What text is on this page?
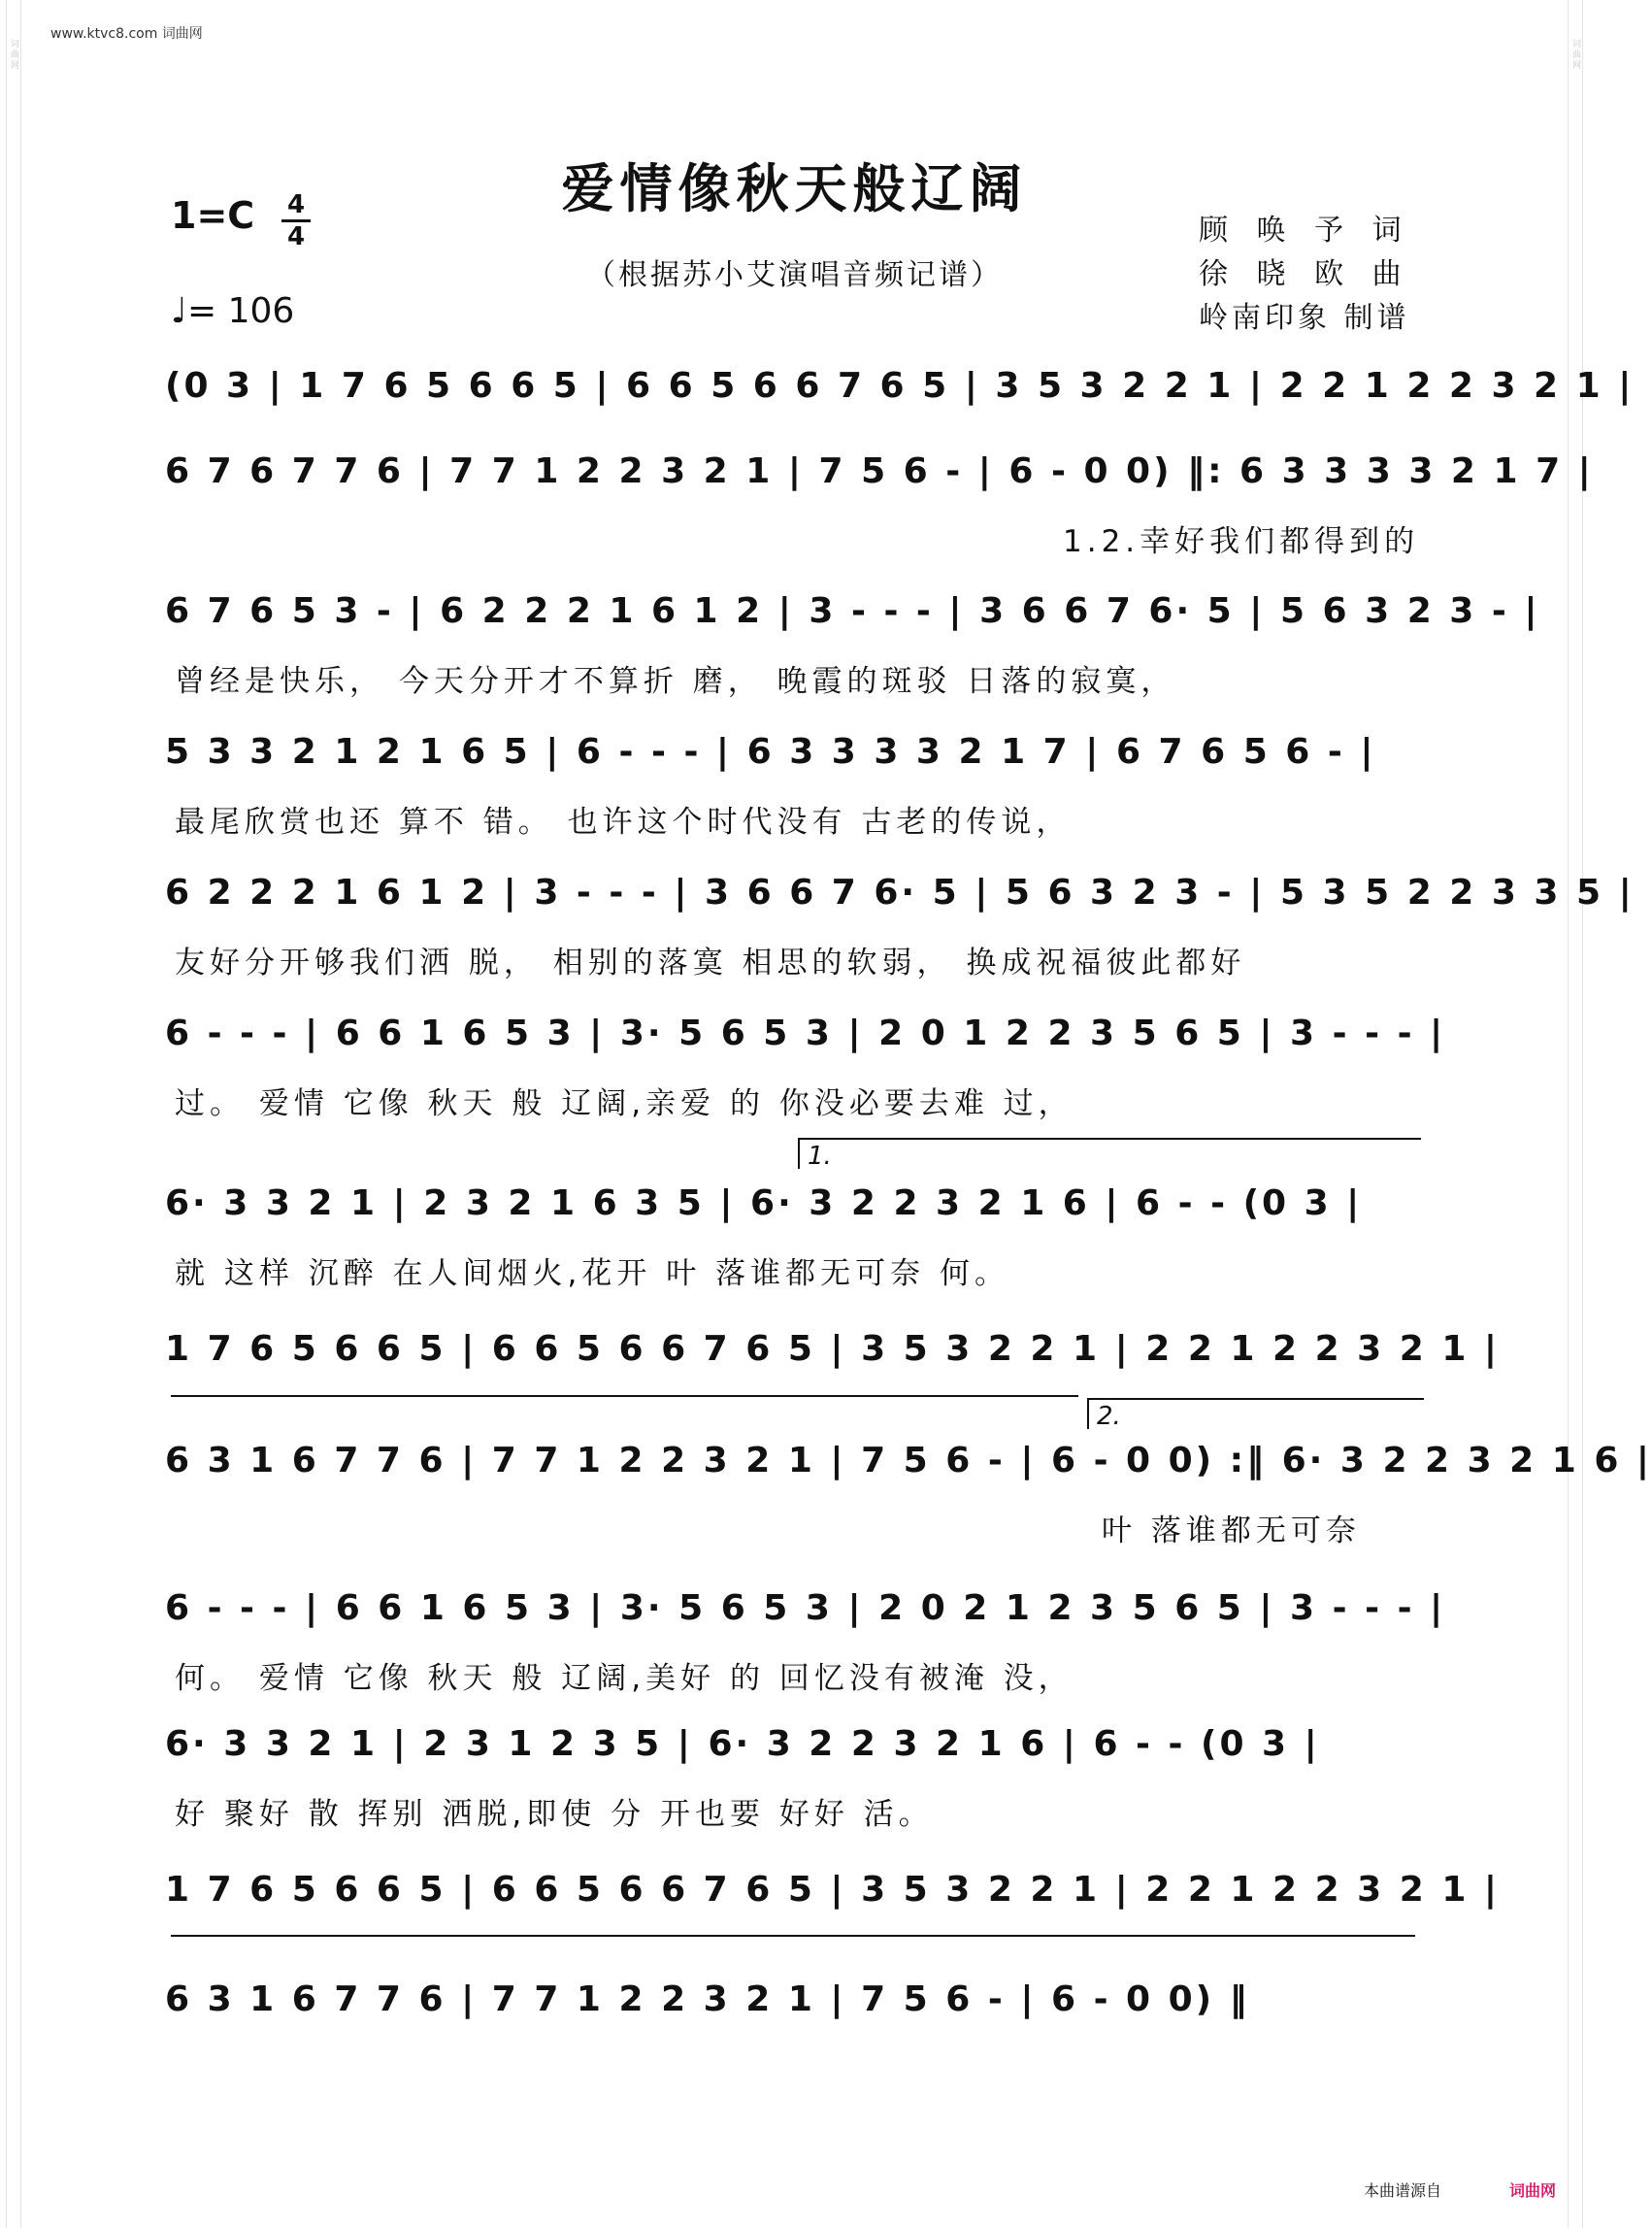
词曲网	词曲网
www.ktvc8.com 词曲网
爱情像秋天般辽阔
（根据苏小艾演唱音频记谱）
1=C 4
4
♩= 106
顾 唤 予 词
徐 晓 欧 曲
岭南印象 制谱
(0 3 | 1 7 6 5 6 6 5 | 6 6 5 6 6 7 6 5 | 3 5 3 2 2 1 | 2 2 1 2 2 3 2 1 |
6 7 6 7 7 6 | 7 7 1 2 2 3 2 1 | 7 5 6 - | 6 - 0 0) ‖: 6 3 3 3 3 2 1 7 |
1.2.幸好我们都得到的
6 7 6 5 3 - | 6 2 2 2 1 6 1 2 | 3 - - - | 3 6 6 7 6· 5 | 5 6 3 2 3 - |
曾经是快乐， 今天分开才不算折 磨， 晚霞的斑驳 日落的寂寞，
5 3 3 2 1 2 1 6 5 | 6 - - - | 6 3 3 3 3 2 1 7 | 6 7 6 5 6 - |
最尾欣赏也还 算不 错。 也许这个时代没有 古老的传说，
6 2 2 2 1 6 1 2 | 3 - - - | 3 6 6 7 6· 5 | 5 6 3 2 3 - | 5 3 5 2 2 3 3 5 |
友好分开够我们洒 脱， 相别的落寞 相思的软弱， 换成祝福彼此都好
6 - - - | 6 6 1 6 5 3 | 3· 5 6 5 3 | 2 0 1 2 2 3 5 6 5 | 3 - - - |
过。 爱情 它像 秋天 般 辽阔,亲爱 的 你没必要去难 过，
1.
6· 3 3 2 1 | 2 3 2 1 6 3 5 | 6· 3 2 2 3 2 1 6 | 6 - - (0 3 |
就 这样 沉醉 在人间烟火,花开 叶 落谁都无可奈 何。
1 7 6 5 6 6 5 | 6 6 5 6 6 7 6 5 | 3 5 3 2 2 1 | 2 2 1 2 2 3 2 1 |
2.
6 3 1 6 7 7 6 | 7 7 1 2 2 3 2 1 | 7 5 6 - | 6 - 0 0) :‖ 6· 3 2 2 3 2 1 6 |
叶 落谁都无可奈
6 - - - | 6 6 1 6 5 3 | 3· 5 6 5 3 | 2 0 2 1 2 3 5 6 5 | 3 - - - |
何。 爱情 它像 秋天 般 辽阔,美好 的 回忆没有被淹 没，
6· 3 3 2 1 | 2 3 1 2 3 5 | 6· 3 2 2 3 2 1 6 | 6 - - (0 3 |
好 聚好 散 挥别 洒脱,即使 分 开也要 好好 活。
1 7 6 5 6 6 5 | 6 6 5 6 6 7 6 5 | 3 5 3 2 2 1 | 2 2 1 2 2 3 2 1 |
6 3 1 6 7 7 6 | 7 7 1 2 2 3 2 1 | 7 5 6 - | 6 - 0 0) ‖
本曲谱源自	词曲网
